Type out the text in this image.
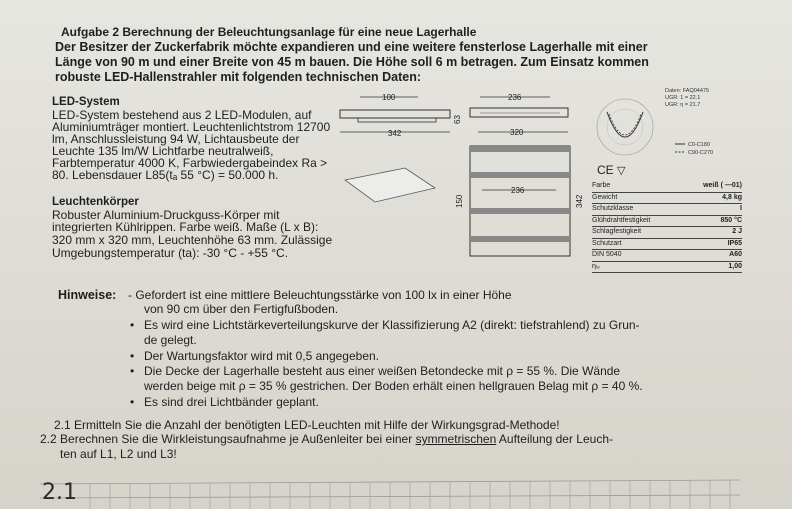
Aufgabe 2 Berechnung der Beleuchtungsanlage für eine neue Lagerhalle
Der Besitzer der Zuckerfabrik möchte expandieren und eine weitere fensterlose Lagerhalle mit einer
Länge von 90 m und einer Breite von 45 m bauen. Die Höhe soll 6 m betragen. Zum Einsatz kommen
robuste LED-Hallenstrahler mit folgenden technischen Daten:
LED-System
LED-System bestehend aus 2 LED-Modulen, auf
Aluminiumträger montiert. Leuchtenlichtstrom 12700
lm, Anschlussleistung 94 W, Lichtausbeute der
Leuchte 135 lm/W Lichtfarbe neutralweiß,
Farbtemperatur 4000 K, Farbwiedergabeindex Ra >
80. Lebensdauer L85(tₐ 55 °C) = 50.000 h.
Leuchtenkörper
Robuster Aluminium-Druckguss-Körper mit
integrierten Kühlrippen. Farbe weiß. Maße (L x B):
320 mm x 320 mm, Leuchtenhöhe 63 mm. Zulässige
Umgebungstemperatur (ta): -30 °C - +55 °C.
100
342
63
236
320
236
150	342
Daten: FAQ04475
UGR: 1 = 22.1
UGR: η = 21.7
C0-C180
C90-C270
CE ▽
Farbe	weiß ( —01)
Gewicht	4,8 kg
Schutzklasse	I
Glühdrahtfestigkeit	850 °C
Schlagfestigkeit	2 J
Schutzart	IP65
DIN 5040	A60
ηₗₒ	1,00
Hinweise: - Gefordert ist eine mittlere Beleuchtungsstärke von 100 lx in einer Höhe
von 90 cm über den Fertigfußboden.
• Es wird eine Lichtstärkeverteilungskurve der Klassifizierung A2 (direkt: tiefstrahlend) zu Grun-
de gelegt.
• Der Wartungsfaktor wird mit 0,5 angegeben.
• Die Decke der Lagerhalle besteht aus einer weißen Betondecke mit ρ = 55 %. Die Wände
werden beige mit ρ = 35 % gestrichen. Der Boden erhält einen hellgrauen Belag mit ρ = 40 %.
• Es sind drei Lichtbänder geplant.
2.1 Ermitteln Sie die Anzahl der benötigten LED-Leuchten mit Hilfe der Wirkungsgrad-Methode!
2.2 Berechnen Sie die Wirkleistungsaufnahme je Außenleiter bei einer symmetrischen Aufteilung der Leuch-
ten auf L1, L2 und L3!
2.1
